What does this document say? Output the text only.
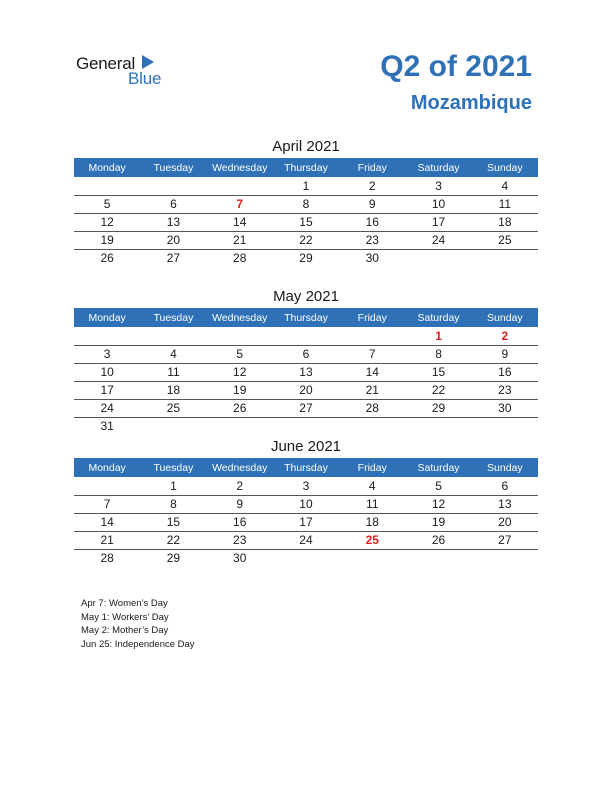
General
Blue	Q2 of 2021
Mozambique
April 2021
Monday	Tuesday	Wednesday	Thursday	Friday	Saturday	Sunday
			1	2	3	4
5	6	7	8	9	10	11
12	13	14	15	16	17	18
19	20	21	22	23	24	25
26	27	28	29	30		
May 2021
Monday	Tuesday	Wednesday	Thursday	Friday	Saturday	Sunday
					1	2
3	4	5	6	7	8	9
10	11	12	13	14	15	16
17	18	19	20	21	22	23
24	25	26	27	28	29	30
31						
June 2021
Monday	Tuesday	Wednesday	Thursday	Friday	Saturday	Sunday
	1	2	3	4	5	6
7	8	9	10	11	12	13
14	15	16	17	18	19	20
21	22	23	24	25	26	27
28	29	30				
Apr 7: Women’s Day
May 1: Workers’ Day
May 2: Mother’s Day
Jun 25: Independence Day
